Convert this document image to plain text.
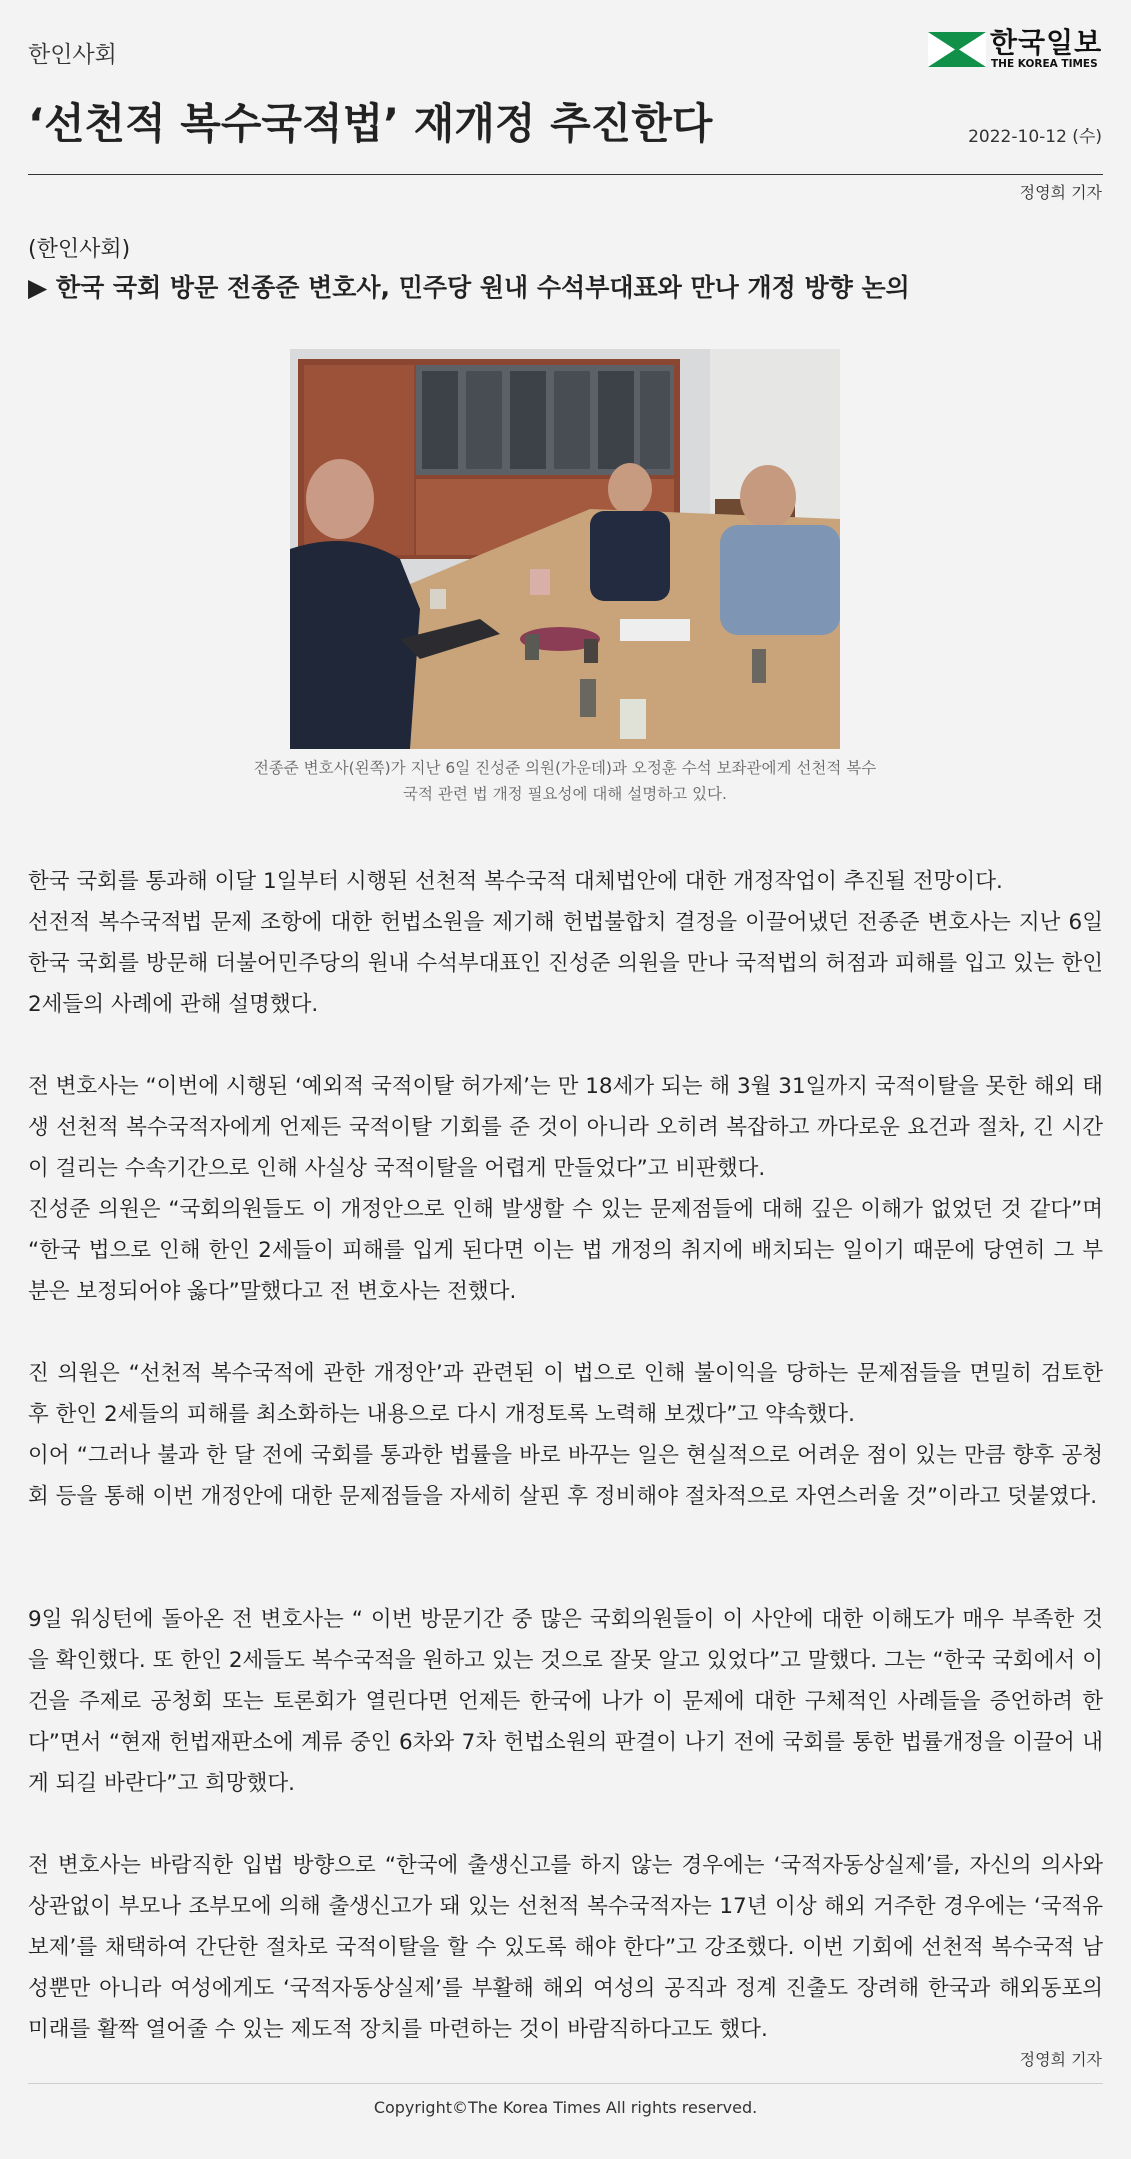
한인사회	한국일보
THE KOREA TIMES
‘선천적 복수국적법’ 재개정 추진한다	2022-10-12 (수)
정영희 기자
(한인사회)
▶ 한국 국회 방문 전종준 변호사, 민주당 원내 수석부대표와 만나 개정 방향 논의
전종준 변호사(왼쪽)가 지난 6일 진성준 의원(가운데)과 오정훈 수석 보좌관에게 선천적 복수
국적 관련 법 개정 필요성에 대해 설명하고 있다.

한국 국회를 통과해 이달 1일부터 시행된 선천적 복수국적 대체법안에 대한 개정작업이 추진될 전망이다.

선전적 복수국적법 문제 조항에 대한 헌법소원을 제기해 헌법불합치 결정을 이끌어냈던 전종준 변호사는 지난 6일 한국 국회를 방문해 더불어민주당의 원내 수석부대표인 진성준 의원을 만나 국적법의 허점과 피해를 입고 있는 한인 2세들의 사례에 관해 설명했다.

전 변호사는 “이번에 시행된 ‘예외적 국적이탈 허가제’는 만 18세가 되는 해 3월 31일까지 국적이탈을 못한 해외 태생 선천적 복수국적자에게 언제든 국적이탈 기회를 준 것이 아니라 오히려 복잡하고 까다로운 요건과 절차, 긴 시간이 걸리는 수속기간으로 인해 사실상 국적이탈을 어렵게 만들었다”고 비판했다.

진성준 의원은 “국회의원들도 이 개정안으로 인해 발생할 수 있는 문제점들에 대해 깊은 이해가 없었던 것 같다”며 “한국 법으로 인해 한인 2세들이 피해를 입게 된다면 이는 법 개정의 취지에 배치되는 일이기 때문에 당연히 그 부분은 보정되어야 옳다”말했다고 전 변호사는 전했다.

진 의원은 “선천적 복수국적에 관한 개정안’과 관련된 이 법으로 인해 불이익을 당하는 문제점들을 면밀히 검토한 후 한인 2세들의 피해를 최소화하는 내용으로 다시 개정토록 노력해 보겠다”고 약속했다.

이어 “그러나 불과 한 달 전에 국회를 통과한 법률을 바로 바꾸는 일은 현실적으로 어려운 점이 있는 만큼 향후 공청회 등을 통해 이번 개정안에 대한 문제점들을 자세히 살핀 후 정비해야 절차적으로 자연스러울 것”이라고 덧붙였다.

9일 워싱턴에 돌아온 전 변호사는 “ 이번 방문기간 중 많은 국회의원들이 이 사안에 대한 이해도가 매우 부족한 것을 확인했다. 또 한인 2세들도 복수국적을 원하고 있는 것으로 잘못 알고 있었다”고 말했다. 그는 “한국 국회에서 이 건을 주제로 공청회 또는 토론회가 열린다면 언제든 한국에 나가 이 문제에 대한 구체적인 사례들을 증언하려 한다”면서 “현재 헌법재판소에 계류 중인 6차와 7차 헌법소원의 판결이 나기 전에 국회를 통한 법률개정을 이끌어 내게 되길 바란다”고 희망했다.

전 변호사는 바람직한 입법 방향으로 “한국에 출생신고를 하지 않는 경우에는 ‘국적자동상실제’를, 자신의 의사와 상관없이 부모나 조부모에 의해 출생신고가 돼 있는 선천적 복수국적자는 17년 이상 해외 거주한 경우에는 ‘국적유보제’를 채택하여 간단한 절차로 국적이탈을 할 수 있도록 해야 한다”고 강조했다. 이번 기회에 선천적 복수국적 남성뿐만 아니라 여성에게도 ‘국적자동상실제’를 부활해 해외 여성의 공직과 정계 진출도 장려해 한국과 해외동포의 미래를 활짝 열어줄 수 있는 제도적 장치를 마련하는 것이 바람직하다고도 했다.

정영희 기자
Copyright©The Korea Times All rights reserved.
